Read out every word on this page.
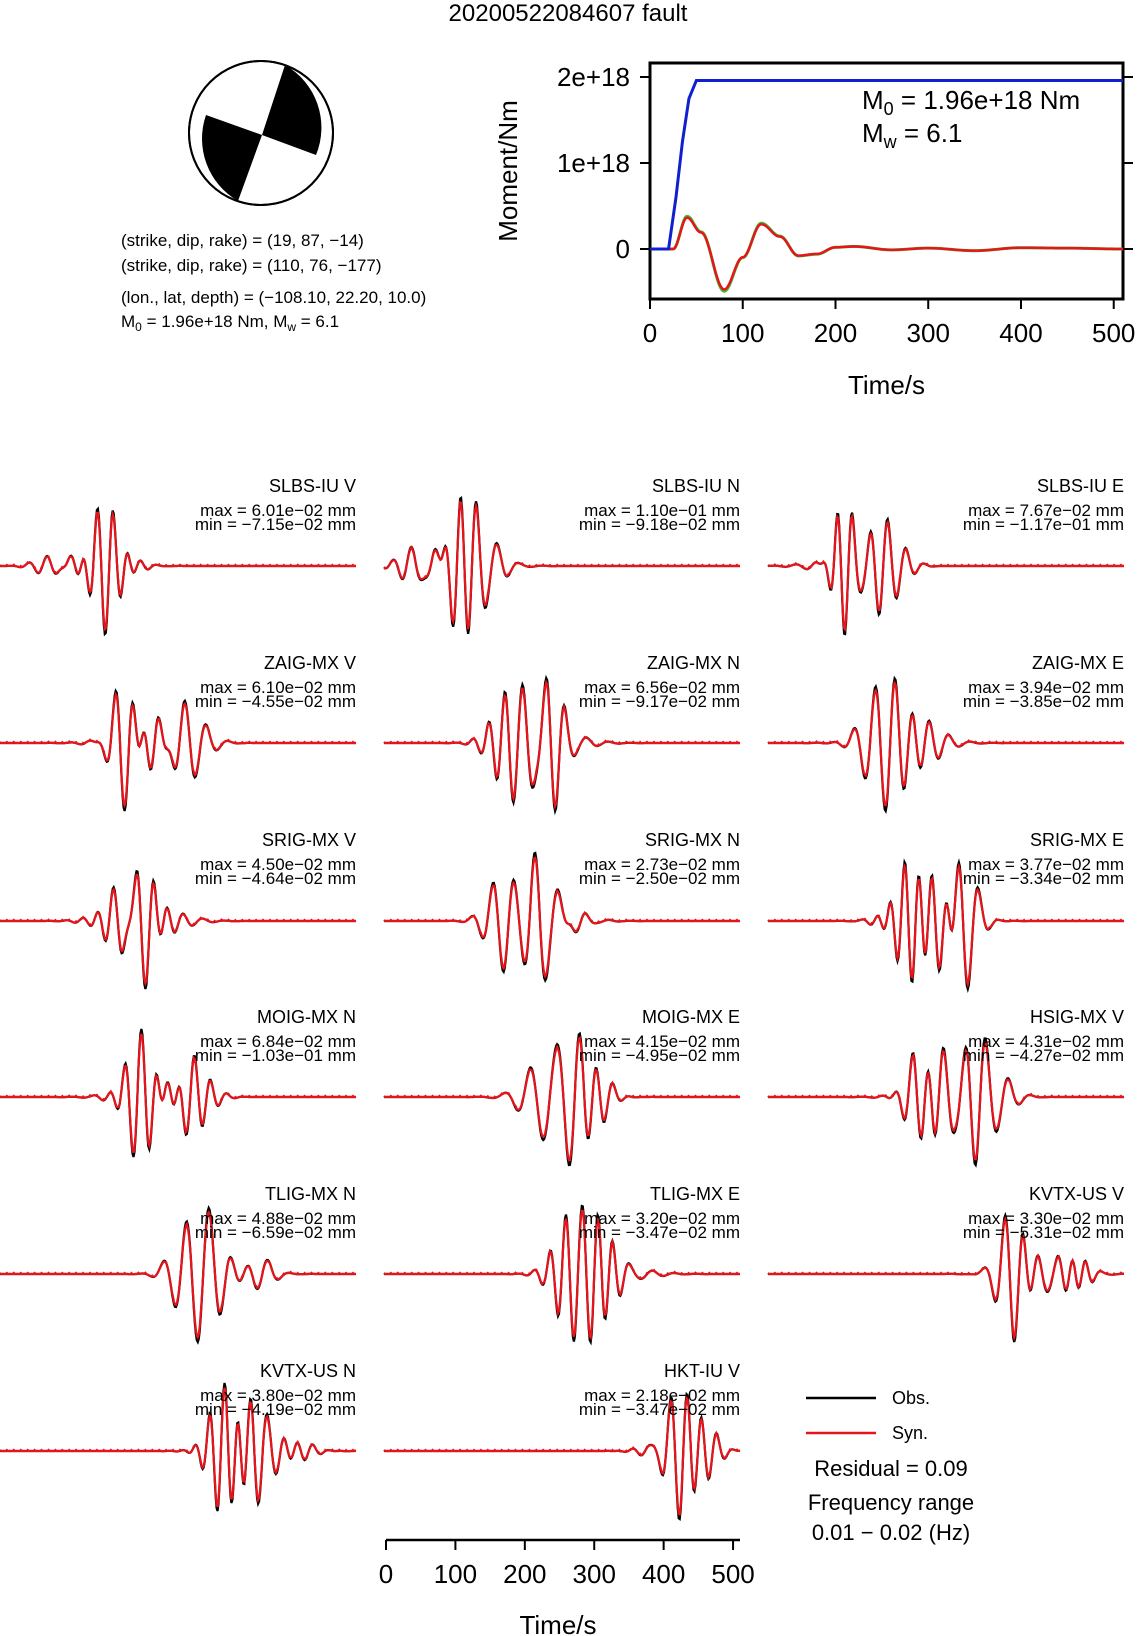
20200522084607 fault
(strike, dip, rake) = (19, 87, −14)
(strike, dip, rake) = (110, 76, −177)
(lon., lat, depth) = (−108.10, 22.20, 10.0)
$M_0 = 1.96e+18$ Nm, $M_w = 6.1$	0 100 200 300 400 500
0
1e+18
2e+18
Time/s
Moment/Nm
$M_0 = 1.96e+18$ Nm
$M_w = 6.1$
SLBS-IU V
max = 6.01e−02 mm
min = −7.15e−02 mm
SLBS-IU N
max = 1.10e−01 mm
min = −9.18e−02 mm
SLBS-IU E
max = 7.67e−02 mm
min = −1.17e−01 mm
ZAIG-MX V
max = 6.10e−02 mm
min = −4.55e−02 mm
ZAIG-MX N
max = 6.56e−02 mm
min = −9.17e−02 mm
ZAIG-MX E
max = 3.94e−02 mm
min = −3.85e−02 mm
SRIG-MX V
max = 4.50e−02 mm
min = −4.64e−02 mm
SRIG-MX N
max = 2.73e−02 mm
min = −2.50e−02 mm
SRIG-MX E
max = 3.77e−02 mm
min = −3.34e−02 mm
MOIG-MX N
max = 6.84e−02 mm
min = −1.03e−01 mm
MOIG-MX E
max = 4.15e−02 mm
min = −4.95e−02 mm
HSIG-MX V
max = 4.31e−02 mm
min = −4.27e−02 mm
TLIG-MX N
max = 4.88e−02 mm
min = −6.59e−02 mm
TLIG-MX E
max = 3.20e−02 mm
min = −3.47e−02 mm
KVTX-US V
max = 3.30e−02 mm
min = −5.31e−02 mm
KVTX-US N
max = 3.80e−02 mm
min = −4.19e−02 mm
HKT-IU V
max = 2.18e−02 mm
min = −3.47e−02 mm
Obs.
Syn.
Residual = 0.09
Frequency range
0.01 − 0.02 (Hz)
0 100 200 300 400 500
Time/s
